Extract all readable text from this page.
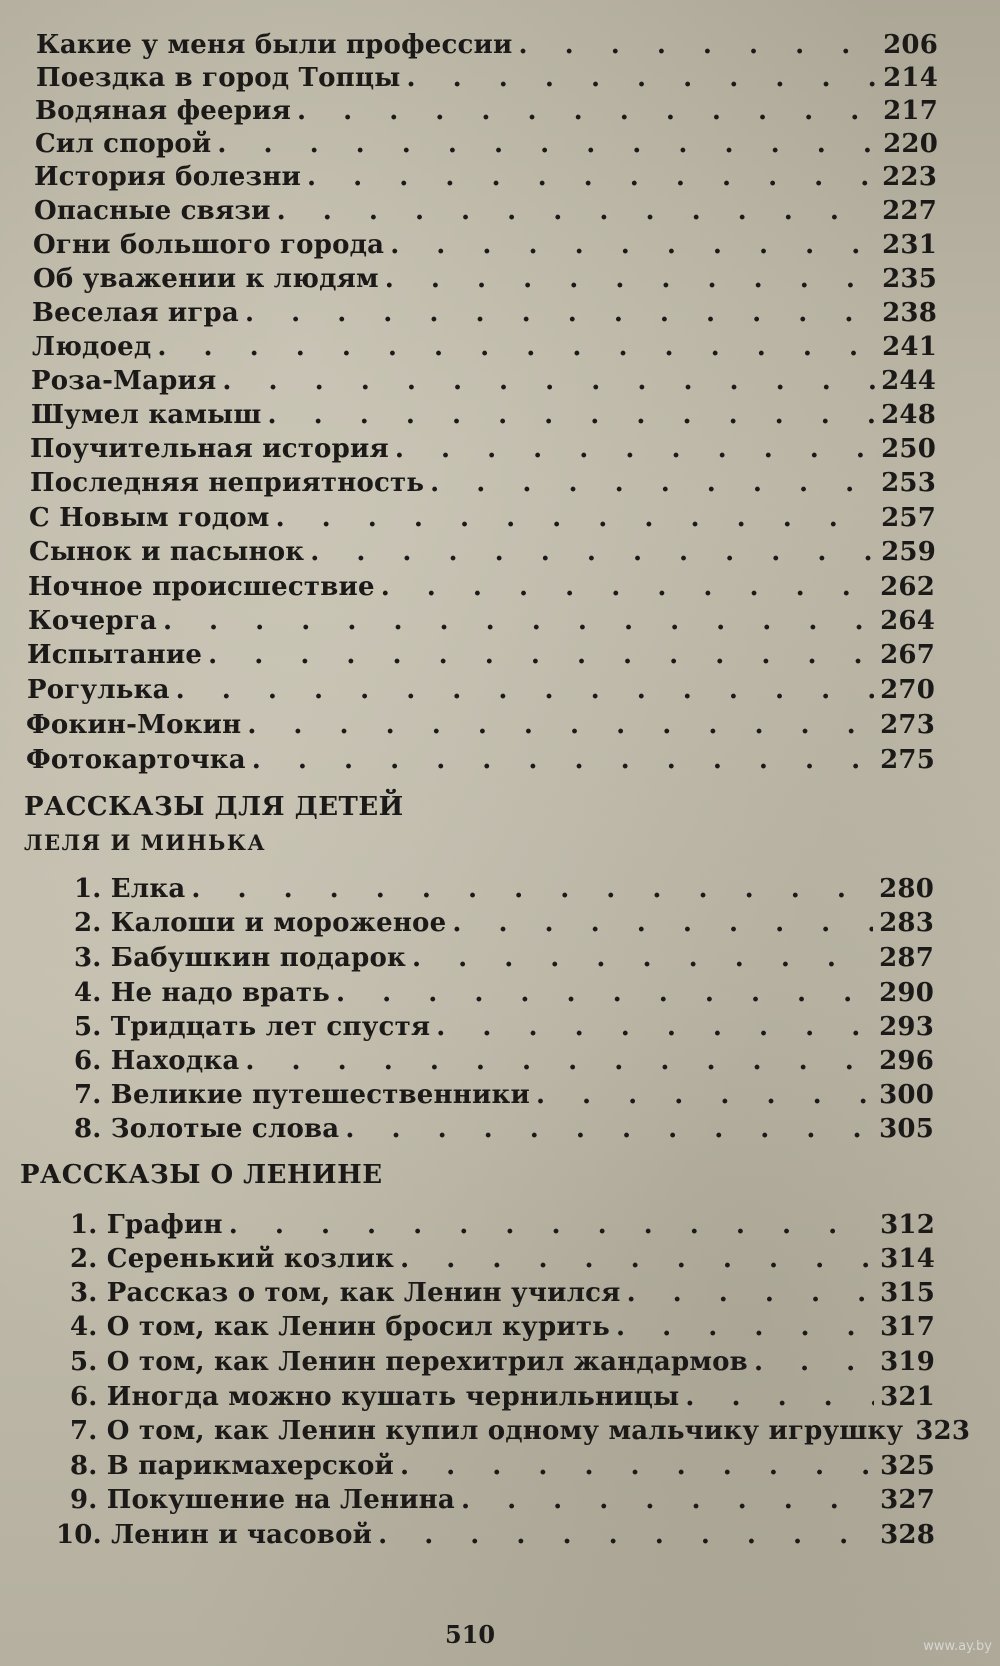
Какие у меня были профессии . . .	206
Поездка в город Топцы . . .	214
Водяная феерия . . .	217
Сил спорой . . .	220
История болезни . . .	223
Опасные связи . . .	227
Огни большого города . . .	231
Об уважении к людям . . .	235
Веселая игра . . .	238
Людоед . . .	241
Роза-Мария . . .	244
Шумел камыш . . .	248
Поучительная история . . .	250
Последняя неприятность . . .	253
С Новым годом . . .	257
Сынок и пасынок . . .	259
Ночное происшествие . . .	262
Кочерга . . .	264
Испытание . . .	267
Рогулька . . .	270
Фокин-Мокин . . .	273
Фотокарточка . . .	275
РАССКАЗЫ ДЛЯ ДЕТЕЙ
ЛЕЛЯ И МИНЬКА
1. Елка . . .	280
2. Калоши и мороженое . . .	283
3. Бабушкин подарок . . .	287
4. Не надо врать . . .	290
5. Тридцать лет спустя . . .	293
6. Находка . . .	296
7. Великие путешественники . . .	300
8. Золотые слова . . .	305
РАССКАЗЫ О ЛЕНИНЕ
1. Графин . . .	312
2. Серенький козлик . . .	314
3. Рассказ о том, как Ленин учился . . .	315
4. О том, как Ленин бросил курить . . .	317
5. О том, как Ленин перехитрил жандармов . . .	319
6. Иногда можно кушать чернильницы . . .	321
7. О том, как Ленин купил одному мальчику игрушку 323
8. В парикмахерской . . .	325
9. Покушение на Ленина . . .	327
10. Ленин и часовой . . .	328
510	www.ay.by
